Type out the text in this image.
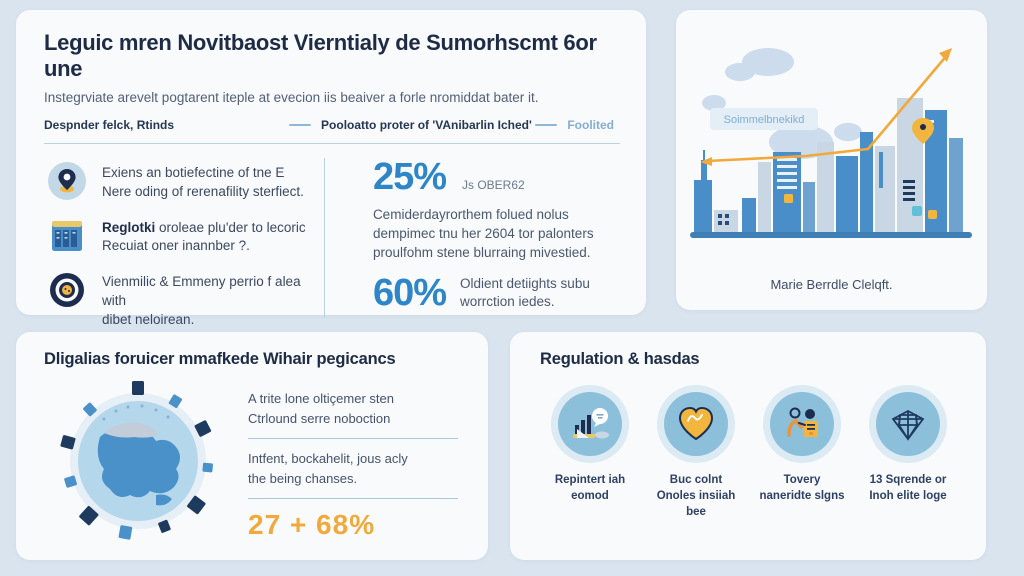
Leguic mren Novitbaost Vierntialy de Sumorhscmt 6or une

Instegrviate arevelt pogtarent iteple at evecion iis beaiver a forle nromiddat bater it.

Despnder felck, Rtinds	Pooloatto proter of 'VAnibarlin Iched'	Foolited
Exiens an botiefectine of tne E
Nere oding of rerenafility sterfiect.
Reglotki oroleae plu'der to lecoric
Recuiat oner inannber ?.
Vienmilic & Emmeny perrio f alea with
dibet neloirean.
25% Js OBER62

Cemiderdayrorthem folued nolus dempimec tnu her 2604 tor palonters proulfohm stene blurraing mivestied.

60% Oldient detiights subu worrction iedes.
Soimmelbnekikd
Marie Berrdle Clelqft.
Dligalias foruicer mmafkede Wihair pegicancs
A trite lone oltiçemer sten
Ctrlound serre noboction
Intfent, bockahelit, jous acly
the being chanses.
27 + 68%
Regulation & hasdas
Repintert iah
eomod
Buc colnt
Onoles insiiah bee
Tovery
naneridte slgns
13 Sqrende or
Inoh elite loge
